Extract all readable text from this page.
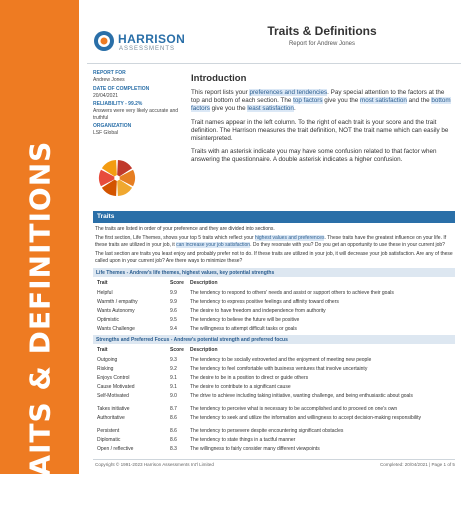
TRAITS & DEFINITIONS
HARRISON
ASSESSMENTS
Traits & Definitions
Report for Andrew Jones
REPORT FOR
Andrew Jones
DATE OF COMPLETION
20/04/2021
RELIABILITY - 99.2%
Answers were very likely accurate and truthful
ORGANIZATION
LSF Global
Introduction

This report lists your preferences and tendencies. Pay special attention to the factors at the top and bottom of each section. The top factors give you the most satisfaction and the bottom factors give you the least satisfaction.

Trait names appear in the left column. To the right of each trait is your score and the trait definition. The Harrison measures the trait definition, NOT the trait name which can easily be misinterpreted.

Traits with an asterisk indicate you may have some confusion related to that factor when answering the questionnaire. A double asterisk indicates a higher confusion.

Traits

The traits are listed in order of your preference and they are divided into sections.

The first section, Life Themes, shows your top 5 traits which reflect your highest values and preferences. These traits have the greatest influence on your life. If these traits are utilized in your job, it can increase your job satisfaction. Do they resonate with you? Do you get an opportunity to use these in your current job?

The last section are traits you least enjoy and probably prefer not to do. If these traits are utilized in your job, it will decrease your job satisfaction. Are any of these called upon in your current job? Are there ways to minimize these?

Life Themes - Andrew's life themes, highest values, key potential strengths
Trait	Score	Description
Helpful	9.9	The tendency to respond to others' needs and assist or support others to achieve their goals
Warmth / empathy	9.9	The tendency to express positive feelings and affinity toward others
Wants Autonomy	9.6	The desire to have freedom and independence from authority
Optimistic	9.5	The tendency to believe the future will be positive
Wants Challenge	9.4	The willingness to attempt difficult tasks or goals
Strengths and Preferred Focus - Andrew's potential strength and preferred focus
Trait	Score	Description
Outgoing	9.3	The tendency to be socially extroverted and the enjoyment of meeting new people
Risking	9.2	The tendency to feel comfortable with business ventures that involve uncertainty
Enjoys Control	9.1	The desire to be in a position to direct or guide others
Cause Motivated	9.1	The desire to contribute to a significant cause
Self-Motivated	9.0	The drive to achieve including taking initiative, wanting challenge, and being enthusiastic about goals
Takes initiative	8.7	The tendency to perceive what is necessary to be accomplished and to proceed on one's own
Authoritative	8.6	The tendency to seek and utilize the information and willingness to accept decision-making responsibility
Persistent	8.6	The tendency to persevere despite encountering significant obstacles
Diplomatic	8.6	The tendency to state things in a tactful manner
Open / reflective	8.3	The willingness to fairly consider many different viewpoints
Copyright © 1991-2023 Harrison Assessments Int'l Limited	Completed: 20/04/2021 | Page 1 of 5
